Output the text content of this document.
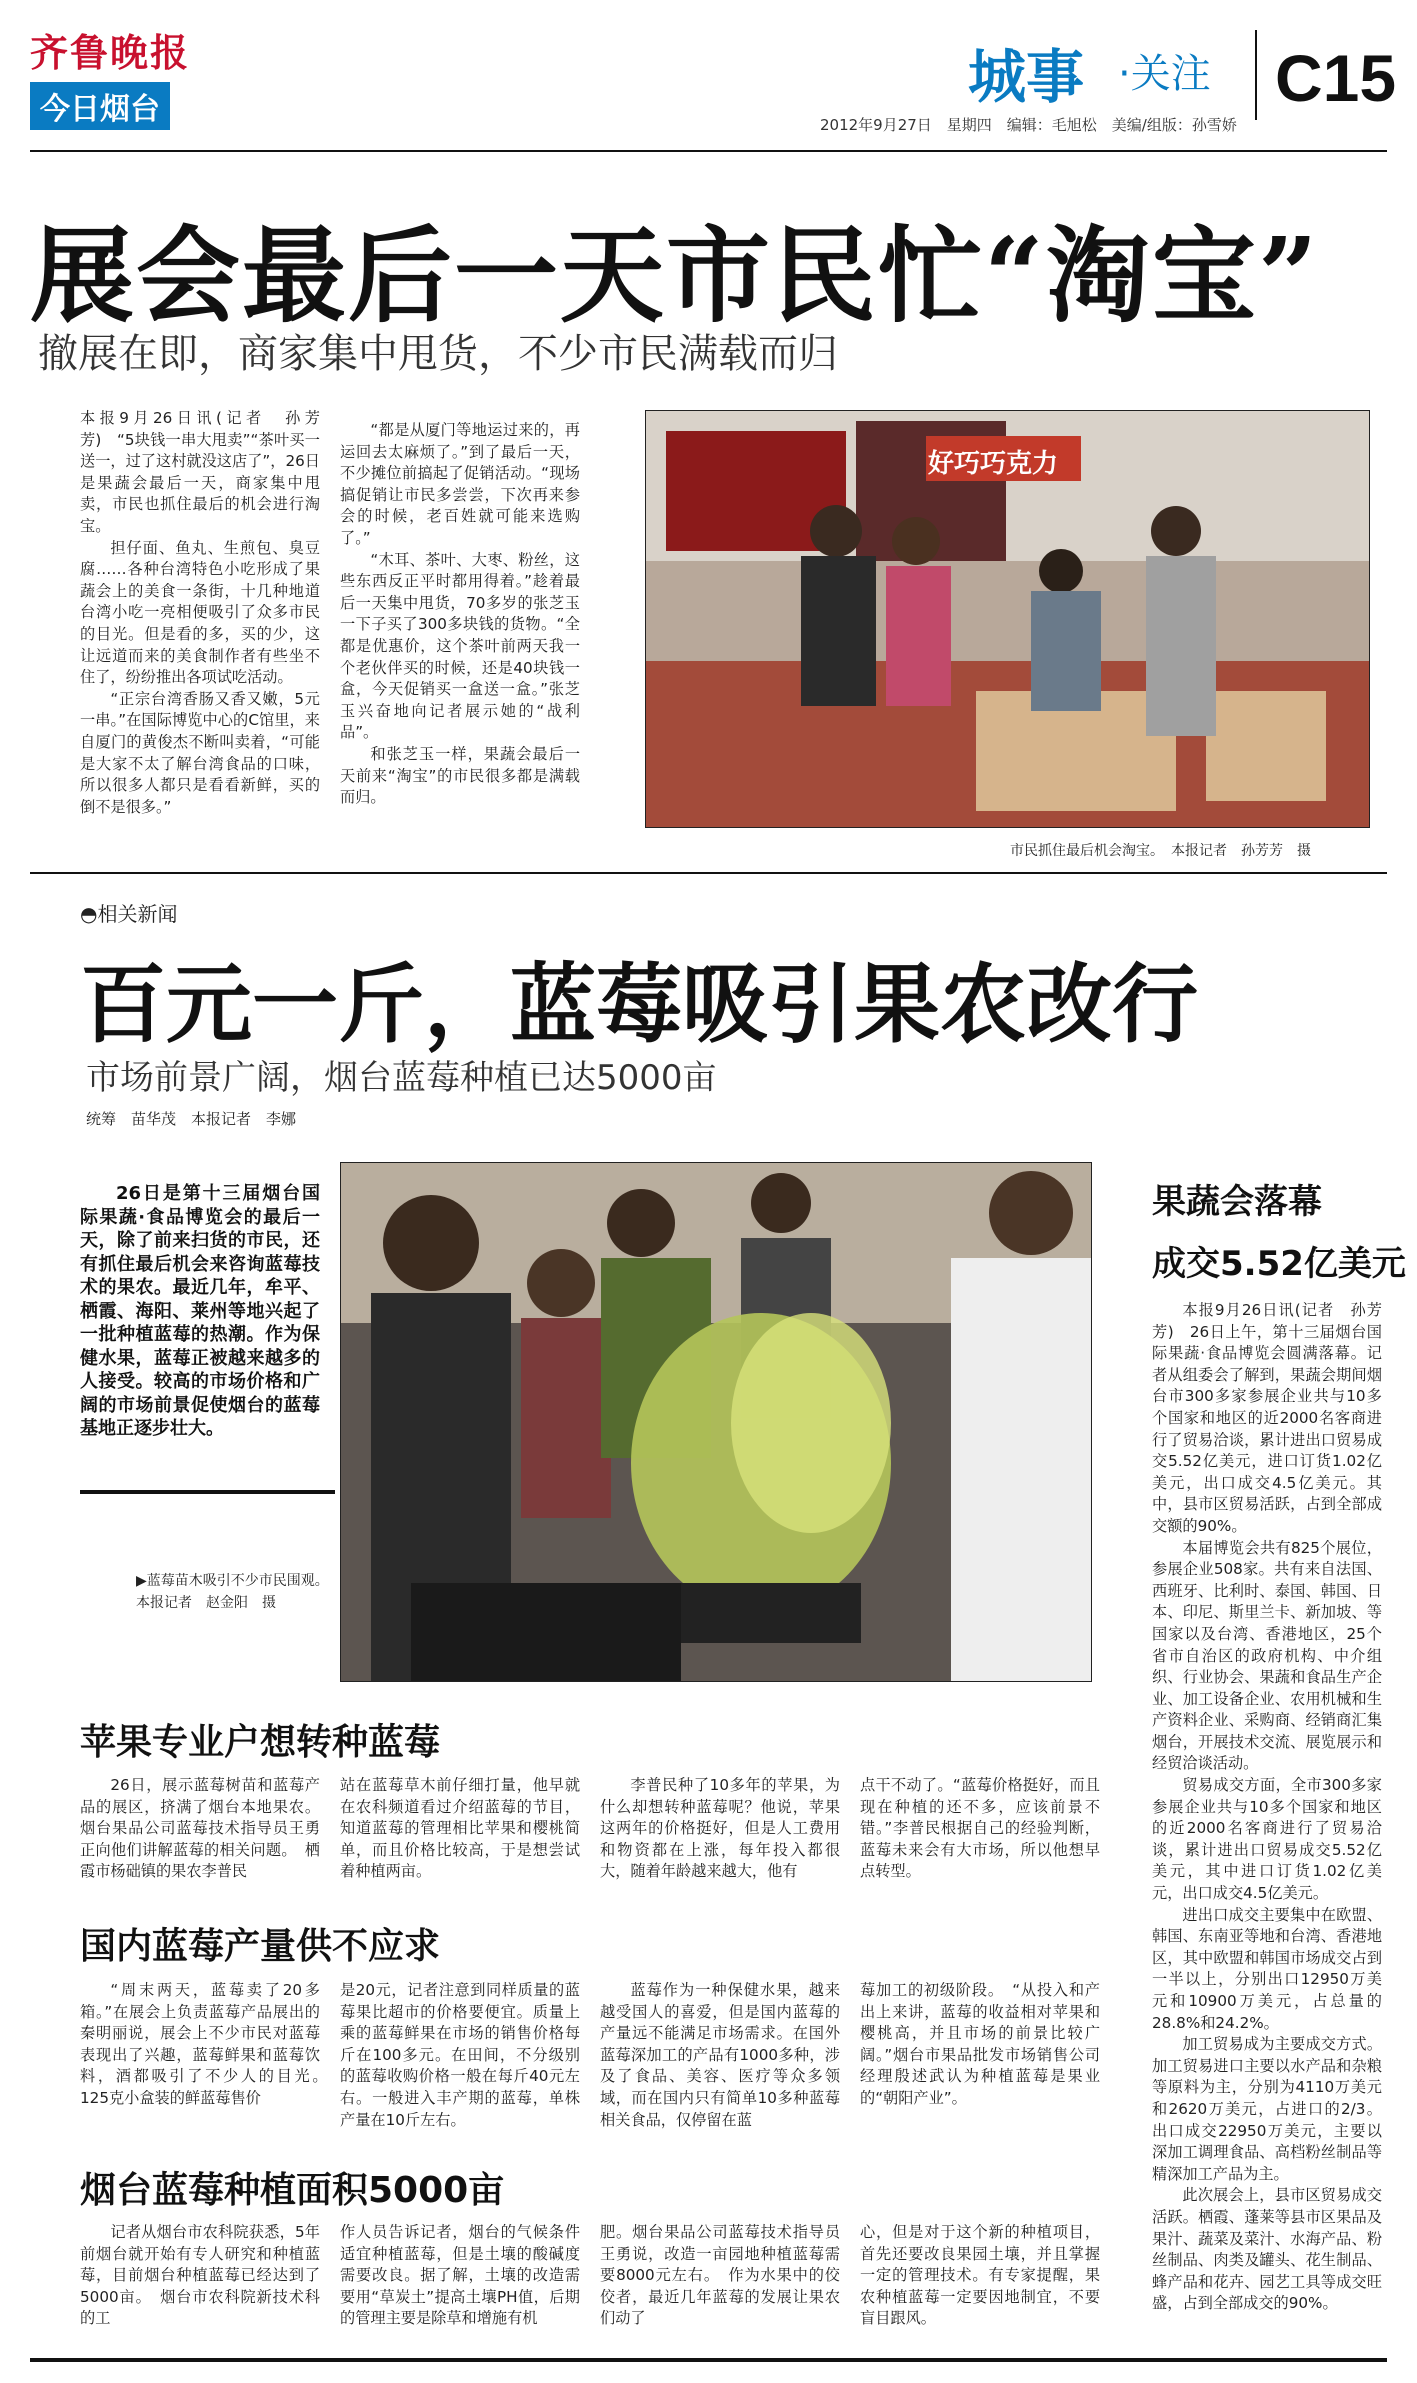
齐鲁晚报
今日烟台	城事 ·关注 C15
2012年9月27日　星期四　编辑：毛旭松　美编/组版：孙雪娇
展会最后一天市民忙“淘宝”
撤展在即，商家集中甩货，不少市民满载而归

本报9月26日讯(记者　孙芳芳)　“5块钱一串大甩卖”“茶叶买一送一，过了这村就没这店了”，26日是果蔬会最后一天，商家集中甩卖，市民也抓住最后的机会进行淘宝。

担仔面、鱼丸、生煎包、臭豆腐……各种台湾特色小吃形成了果蔬会上的美食一条街，十几种地道台湾小吃一亮相便吸引了众多市民的目光。但是看的多，买的少，这让远道而来的美食制作者有些坐不住了，纷纷推出各项试吃活动。

“正宗台湾香肠又香又嫩，5元一串。”在国际博览中心的C馆里，来自厦门的黄俊杰不断叫卖着，“可能是大家不太了解台湾食品的口味，所以很多人都只是看看新鲜，买的倒不是很多。”

“都是从厦门等地运过来的，再运回去太麻烦了。”到了最后一天，不少摊位前搞起了促销活动。“现场搞促销让市民多尝尝，下次再来参会的时候，老百姓就可能来选购了。”

“木耳、茶叶、大枣、粉丝，这些东西反正平时都用得着。”趁着最后一天集中甩货，70多岁的张芝玉一下子买了300多块钱的货物。“全都是优惠价，这个茶叶前两天我一个老伙伴买的时候，还是40块钱一盒，今天促销买一盒送一盒。”张芝玉兴奋地向记者展示她的“战利品”。

和张芝玉一样，果蔬会最后一天前来“淘宝”的市民很多都是满载而归。

好巧巧克力
市民抓住最后机会淘宝。　本报记者　孙芳芳　摄
◓相关新闻
百元一斤，蓝莓吸引果农改行
市场前景广阔，烟台蓝莓种植已达5000亩
统筹　苗华茂　本报记者　李娜

26日是第十三届烟台国际果蔬·食品博览会的最后一天，除了前来扫货的市民，还有抓住最后机会来咨询蓝莓技术的果农。最近几年，牟平、栖霞、海阳、莱州等地兴起了一批种植蓝莓的热潮。作为保健水果，蓝莓正被越来越多的人接受。较高的市场价格和广阔的市场前景促使烟台的蓝莓基地正逐步壮大。

▶蓝莓苗木吸引不少市民围观。　本报记者　赵金阳　摄
果蔬会落幕
成交5.52亿美元

本报9月26日讯(记者　孙芳芳)　26日上午，第十三届烟台国际果蔬·食品博览会圆满落幕。记者从组委会了解到，果蔬会期间烟台市300多家参展企业共与10多个国家和地区的近2000名客商进行了贸易洽谈，累计进出口贸易成交5.52亿美元，进口订货1.02亿美元，出口成交4.5亿美元。其中，县市区贸易活跃，占到全部成交额的90%。

本届博览会共有825个展位，参展企业508家。共有来自法国、西班牙、比利时、泰国、韩国、日本、印尼、斯里兰卡、新加坡、等国家以及台湾、香港地区，25个省市自治区的政府机构、中介组织、行业协会、果蔬和食品生产企业、加工设备企业、农用机械和生产资料企业、采购商、经销商汇集烟台，开展技术交流、展览展示和经贸洽谈活动。

贸易成交方面，全市300多家参展企业共与10多个国家和地区的近2000名客商进行了贸易洽谈，累计进出口贸易成交5.52亿美元，其中进口订货1.02亿美元，出口成交4.5亿美元。

进出口成交主要集中在欧盟、韩国、东南亚等地和台湾、香港地区，其中欧盟和韩国市场成交占到一半以上，分别出口12950万美元和10900万美元，占总量的28.8%和24.2%。

加工贸易成为主要成交方式。加工贸易进口主要以水产品和杂粮等原料为主，分别为4110万美元和2620万美元，占进口的2/3。出口成交22950万美元，主要以深加工调理食品、高档粉丝制品等精深加工产品为主。

此次展会上，县市区贸易成交活跃。栖霞、蓬莱等县市区果品及果汁、蔬菜及菜汁、水海产品、粉丝制品、肉类及罐头、花生制品、蜂产品和花卉、园艺工具等成交旺盛，占到全部成交的90%。

苹果专业户想转种蓝莓

26日，展示蓝莓树苗和蓝莓产品的展区，挤满了烟台本地果农。烟台果品公司蓝莓技术指导员王勇正向他们讲解蓝莓的相关问题。　栖霞市杨础镇的果农李普民

站在蓝莓草木前仔细打量，他早就在农科频道看过介绍蓝莓的节目，知道蓝莓的管理相比苹果和樱桃简单，而且价格比较高，于是想尝试着种植两亩。

李普民种了10多年的苹果，为什么却想转种蓝莓呢？他说，苹果这两年的价格挺好，但是人工费用和物资都在上涨，每年投入都很大，随着年龄越来越大，他有

点干不动了。“蓝莓价格挺好，而且现在种植的还不多，应该前景不错。”李普民根据自己的经验判断，蓝莓未来会有大市场，所以他想早点转型。

国内蓝莓产量供不应求

“周末两天，蓝莓卖了20多箱。”在展会上负责蓝莓产品展出的秦明丽说，展会上不少市民对蓝莓表现出了兴趣，蓝莓鲜果和蓝莓饮料，酒都吸引了不少人的目光。　125克小盒装的鲜蓝莓售价

是20元，记者注意到同样质量的蓝莓果比超市的价格要便宜。质量上乘的蓝莓鲜果在市场的销售价格每斤在100多元。在田间，不分级别的蓝莓收购价格一般在每斤40元左右。一般进入丰产期的蓝莓，单株产量在10斤左右。

蓝莓作为一种保健水果，越来越受国人的喜爱，但是国内蓝莓的产量远不能满足市场需求。在国外蓝莓深加工的产品有1000多种，涉及了食品、美容、医疗等众多领域，而在国内只有简单10多种蓝莓相关食品，仅停留在蓝

莓加工的初级阶段。　“从投入和产出上来讲，蓝莓的收益相对苹果和樱桃高，并且市场的前景比较广阔。”烟台市果品批发市场销售公司经理殷述武认为种植蓝莓是果业的“朝阳产业”。

烟台蓝莓种植面积5000亩

记者从烟台市农科院获悉，5年前烟台就开始有专人研究和种植蓝莓，目前烟台种植蓝莓已经达到了5000亩。　烟台市农科院新技术科的工

作人员告诉记者，烟台的气候条件适宜种植蓝莓，但是土壤的酸碱度需要改良。据了解，土壤的改造需要用“草炭土”提高土壤PH值，后期的管理主要是除草和增施有机

肥。烟台果品公司蓝莓技术指导员王勇说，改造一亩园地种植蓝莓需要8000元左右。　作为水果中的佼佼者，最近几年蓝莓的发展让果农们动了

心，但是对于这个新的种植项目，首先还要改良果园土壤，并且掌握一定的管理技术。有专家提醒，果农种植蓝莓一定要因地制宜，不要盲目跟风。
